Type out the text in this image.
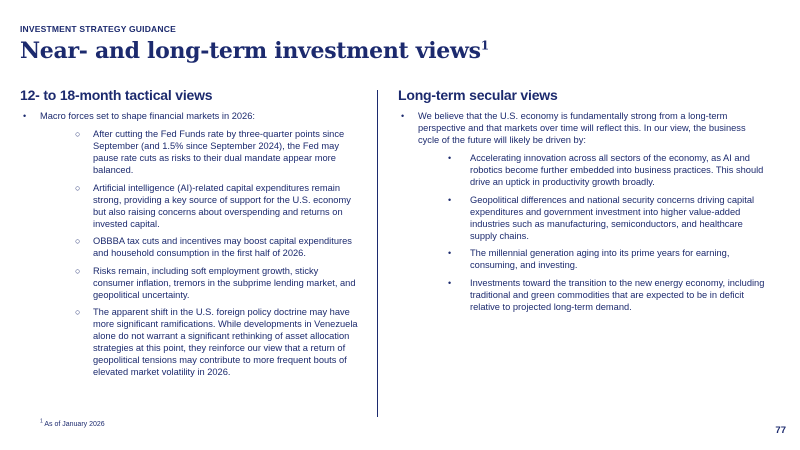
INVESTMENT STRATEGY GUIDANCE
Near- and long-term investment views$^1$
12- to 18-month tactical views	Long-term secular views
• Macro forces set to shape financial markets in 2026:
○ After cutting the Fed Funds rate by three-quarter points since September (and 1.5% since September 2024), the Fed may pause rate cuts as risks to their dual mandate appear more balanced.
○ Artificial intelligence (AI)-related capital expenditures remain strong, providing a key source of support for the U.S. economy but also raising concerns about overspending and returns on invested capital.
○ OBBBA tax cuts and incentives may boost capital expenditures and household consumption in the first half of 2026.
○ Risks remain, including soft employment growth, sticky consumer inflation, tremors in the subprime lending market, and geopolitical uncertainty.
○ The apparent shift in the U.S. foreign policy doctrine may have more significant ramifications. While developments in Venezuela alone do not warrant a significant rethinking of asset allocation strategies at this point, they reinforce our view that a return of geopolitical tensions may contribute to more frequent bouts of elevated market volatility in 2026.
• We believe that the U.S. economy is fundamentally strong from a long-term perspective and that markets over time will reflect this. In our view, the business cycle of the future will likely be driven by:
• Accelerating innovation across all sectors of the economy, as AI and robotics become further embedded into business practices. This should drive an uptick in productivity growth broadly.
• Geopolitical differences and national security concerns driving capital expenditures and government investment into higher value-added industries such as manufacturing, semiconductors, and healthcare supply chains.
• The millennial generation aging into its prime years for earning, consuming, and investing.
• Investments toward the transition to the new energy economy, including traditional and green commodities that are expected to be in deficit relative to projected long-term demand.
$^1$ As of January 2026
77
